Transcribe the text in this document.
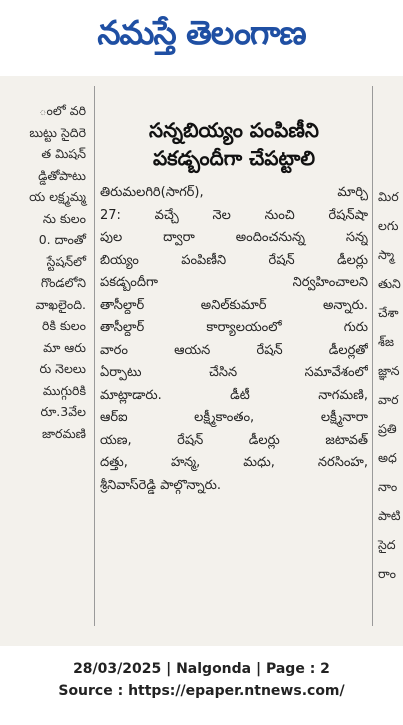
నమస్తే తెలంగాణ
ంలో వరి
బుట్టు సైదిరె
త మిషన్
డ్డితోపాటు
య లక్ష్మమ్మ
ను కులం
0. దాంతో
స్టేషన్‌లో
గొండలోని
వాఖలైంది.
రికి కులం
మా ఆరు
రు నెలలు
ముగ్గురికి
రూ.3వేల
జారమణి
సన్నబియ్యం పంపిణీని
పకడ్బందీగా చేపట్టాలి
తిరుమలగిరి(సాగర్), మార్చి
27: వచ్చే నెల నుంచి రేషన్‌షా
పుల ద్వారా అందించనున్న సన్న
బియ్యం పంపిణీని రేషన్ డీలర్లు
పకడ్బందీగా నిర్వహించాలని
తాసీల్దార్ అనిల్‌కుమార్ అన్నారు.
తాసీల్దార్ కార్యాలయంలో గురు
వారం ఆయన రేషన్ డీలర్లతో
ఏర్పాటు చేసిన సమావేశంలో
మాట్లాడారు. డీటీ నాగమణి,
ఆర్ఐ లక్ష్మీకాంతం, లక్ష్మీనారా
యణ, రేషన్ డీలర్లు జటావత్
దత్తు, హన్మ, మధు, నరసింహ,
శ్రీనివాస్‌రెడ్డి పాల్గొన్నారు.
మిర
లగు
స్మా
తుని
చేశా
శ్‌జ
జ్ఞాన
వార
ప్రతి
అధ
నాం
పాటి
సైద
రాం
28/03/2025 | Nalgonda | Page : 2
Source : https://epaper.ntnews.com/
